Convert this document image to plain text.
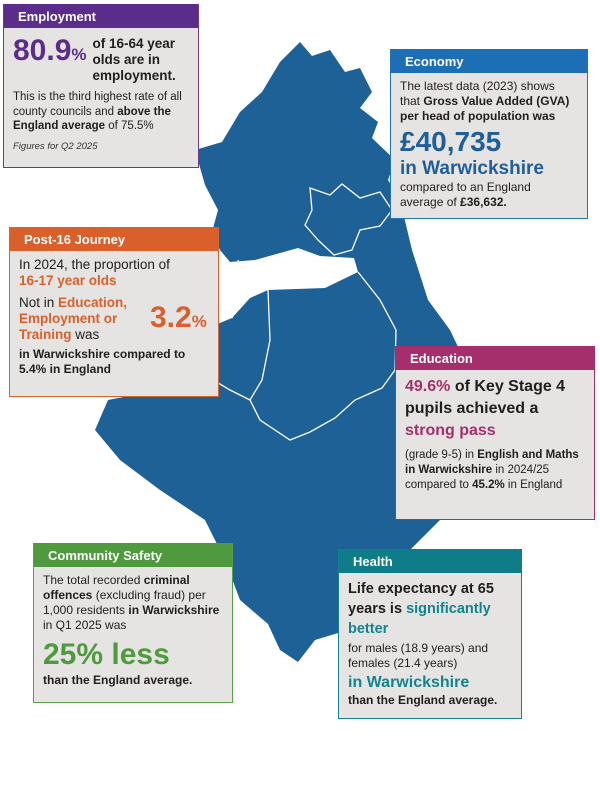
Employment
80.9%
of 16-64 year olds are in employment.
This is the third highest rate of all county councils and above the England average of 75.5%
Figures for Q2 2025
Economy
The latest data (2023) shows that Gross Value Added (GVA) per head of population was
£40,735
in Warwickshire
compared to an England average of £36,632.
Post-16 Journey
In 2024, the proportion of
16-17 year olds
Not in Education, Employment or Training was
3.2%
in Warwickshire compared to 5.4% in England
Education
49.6% of Key Stage 4 pupils achieved a strong pass
(grade 9-5) in English and Maths in Warwickshire in 2024/25 compared to 45.2% in England
Community Safety
The total recorded criminal offences (excluding fraud) per 1,000 residents in Warwickshire in Q1 2025 was
25% less
than the England average.
Health
Life expectancy at 65 years is significantly better
for males (18.9 years) and females (21.4 years)
in Warwickshire
than the England average.
